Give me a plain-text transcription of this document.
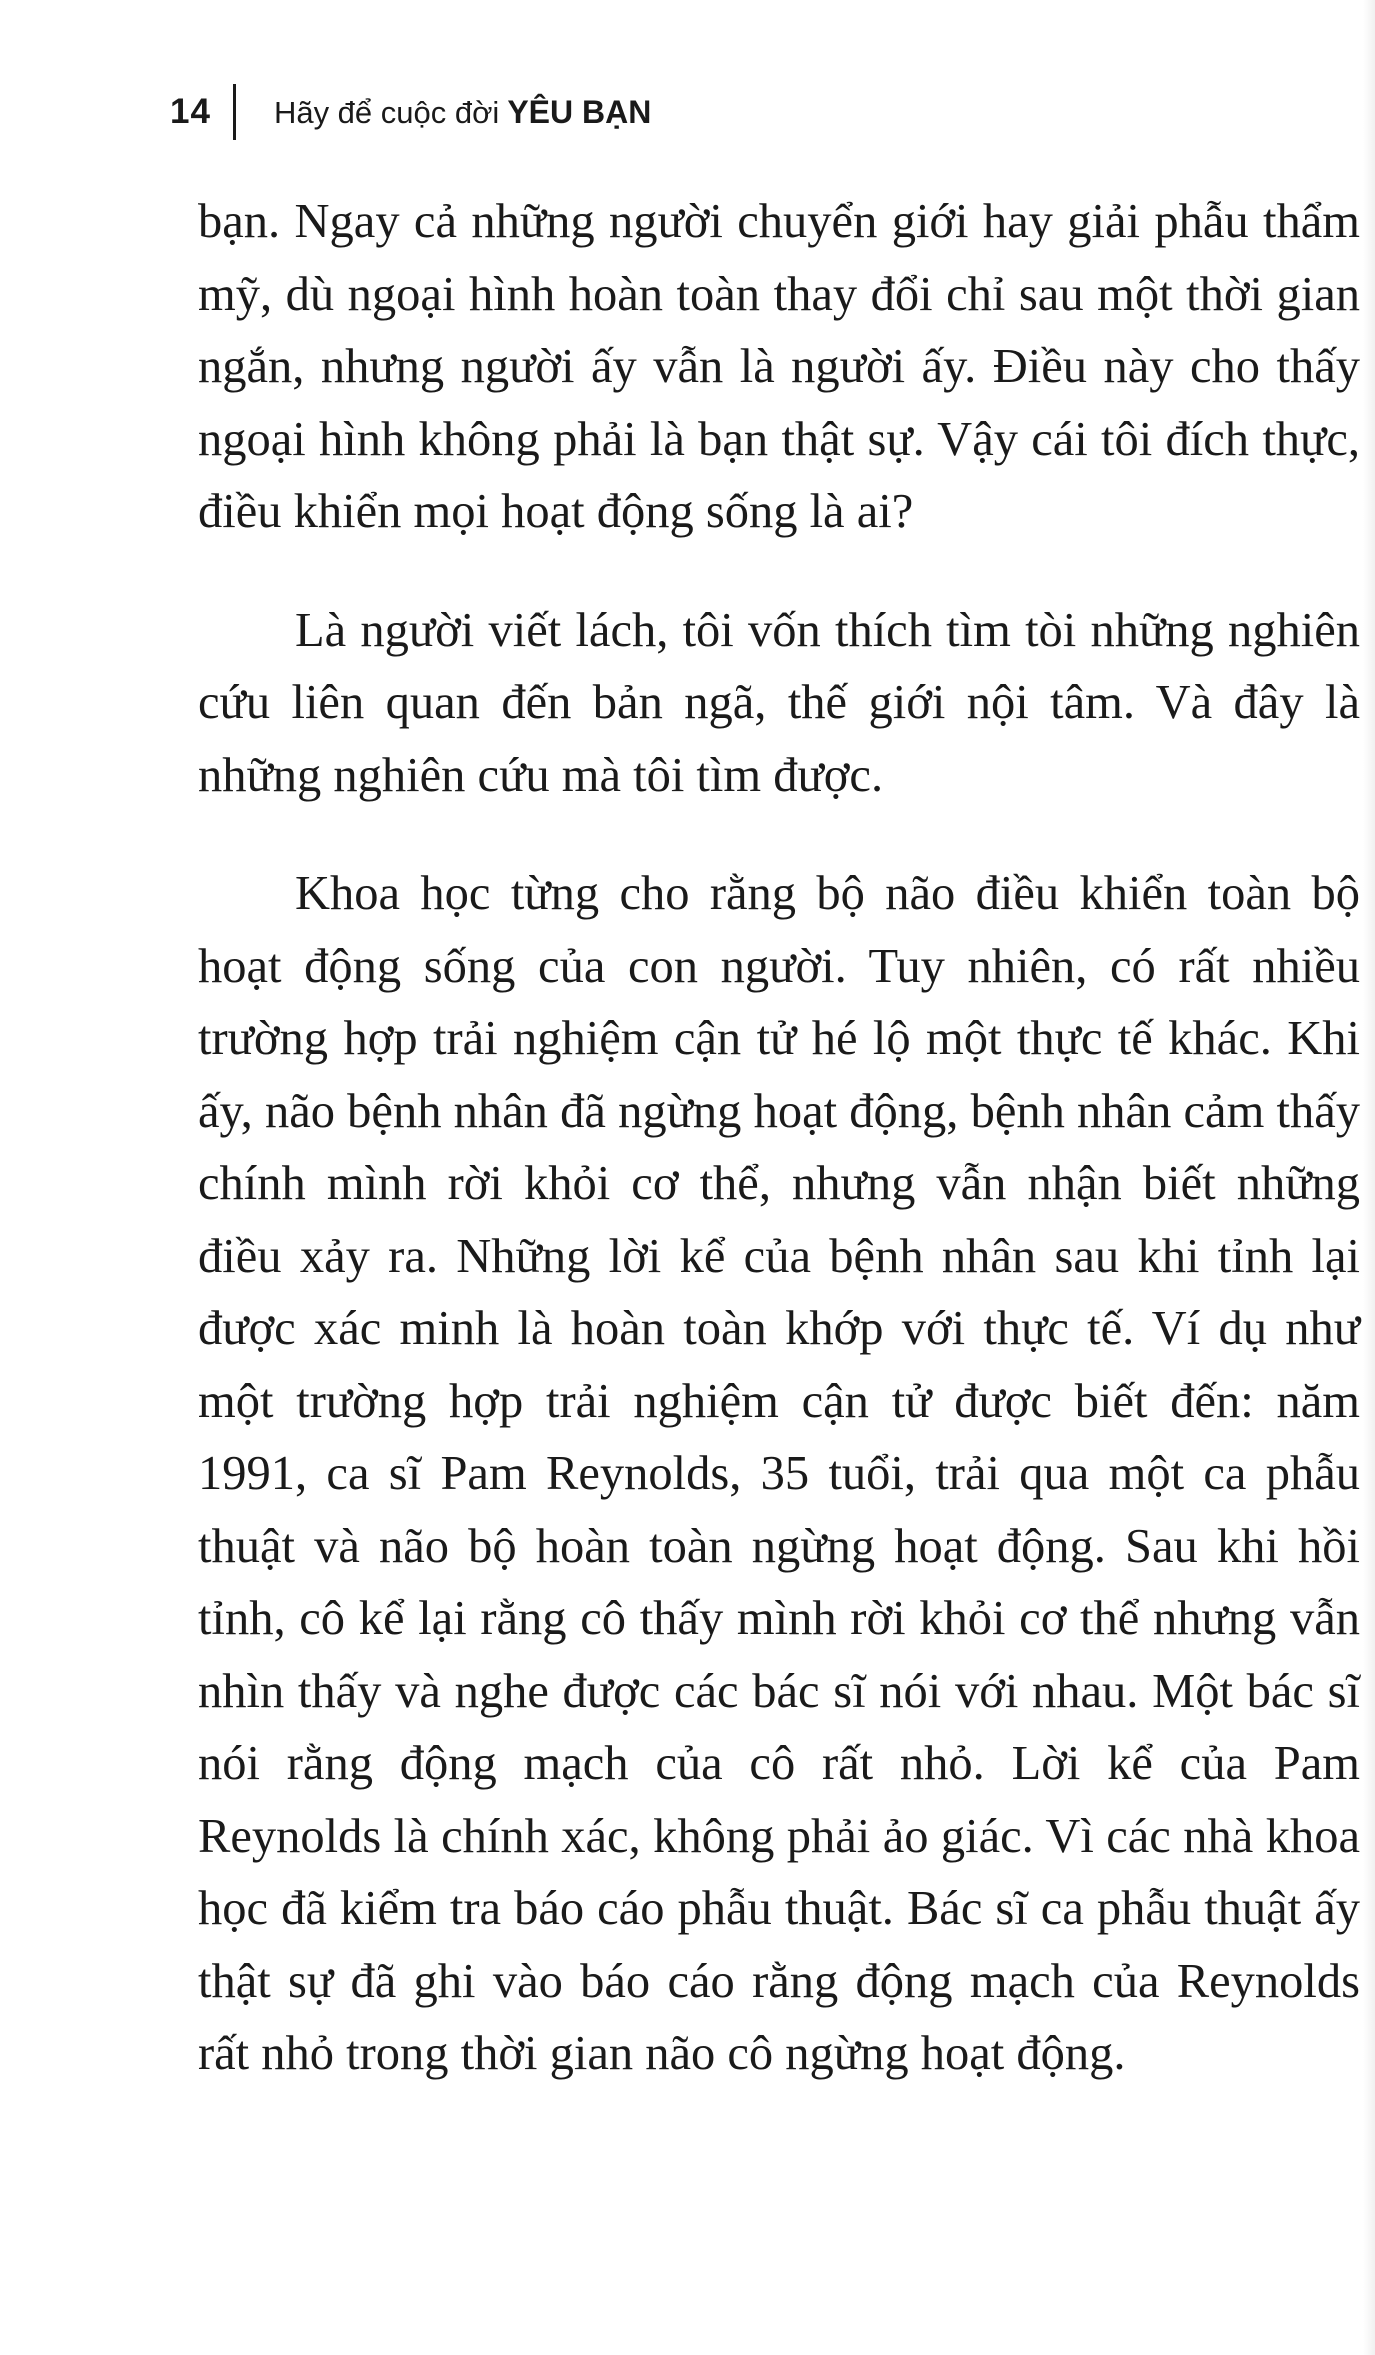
14 Hãy để cuộc đời YÊU BẠN

bạn. Ngay cả những người chuyển giới hay giải phẫu thẩm mỹ, dù ngoại hình hoàn toàn thay đổi chỉ sau một thời gian ngắn, nhưng người ấy vẫn là người ấy. Điều này cho thấy ngoại hình không phải là bạn thật sự. Vậy cái tôi đích thực, điều khiển mọi hoạt động sống là ai?

Là người viết lách, tôi vốn thích tìm tòi những nghiên cứu liên quan đến bản ngã, thế giới nội tâm. Và đây là những nghiên cứu mà tôi tìm được.

Khoa học từng cho rằng bộ não điều khiển toàn bộ hoạt động sống của con người. Tuy nhiên, có rất nhiều trường hợp trải nghiệm cận tử hé lộ một thực tế khác. Khi ấy, não bệnh nhân đã ngừng hoạt động, bệnh nhân cảm thấy chính mình rời khỏi cơ thể, nhưng vẫn nhận biết những điều xảy ra. Những lời kể của bệnh nhân sau khi tỉnh lại được xác minh là hoàn toàn khớp với thực tế. Ví dụ như một trường hợp trải nghiệm cận tử được biết đến: năm 1991, ca sĩ Pam Reynolds, 35 tuổi, trải qua một ca phẫu thuật và não bộ hoàn toàn ngừng hoạt động. Sau khi hồi tỉnh, cô kể lại rằng cô thấy mình rời khỏi cơ thể nhưng vẫn nhìn thấy và nghe được các bác sĩ nói với nhau. Một bác sĩ nói rằng động mạch của cô rất nhỏ. Lời kể của Pam Reynolds là chính xác, không phải ảo giác. Vì các nhà khoa học đã kiểm tra báo cáo phẫu thuật. Bác sĩ ca phẫu thuật ấy thật sự đã ghi vào báo cáo rằng động mạch của Reynolds rất nhỏ trong thời gian não cô ngừng hoạt động.
